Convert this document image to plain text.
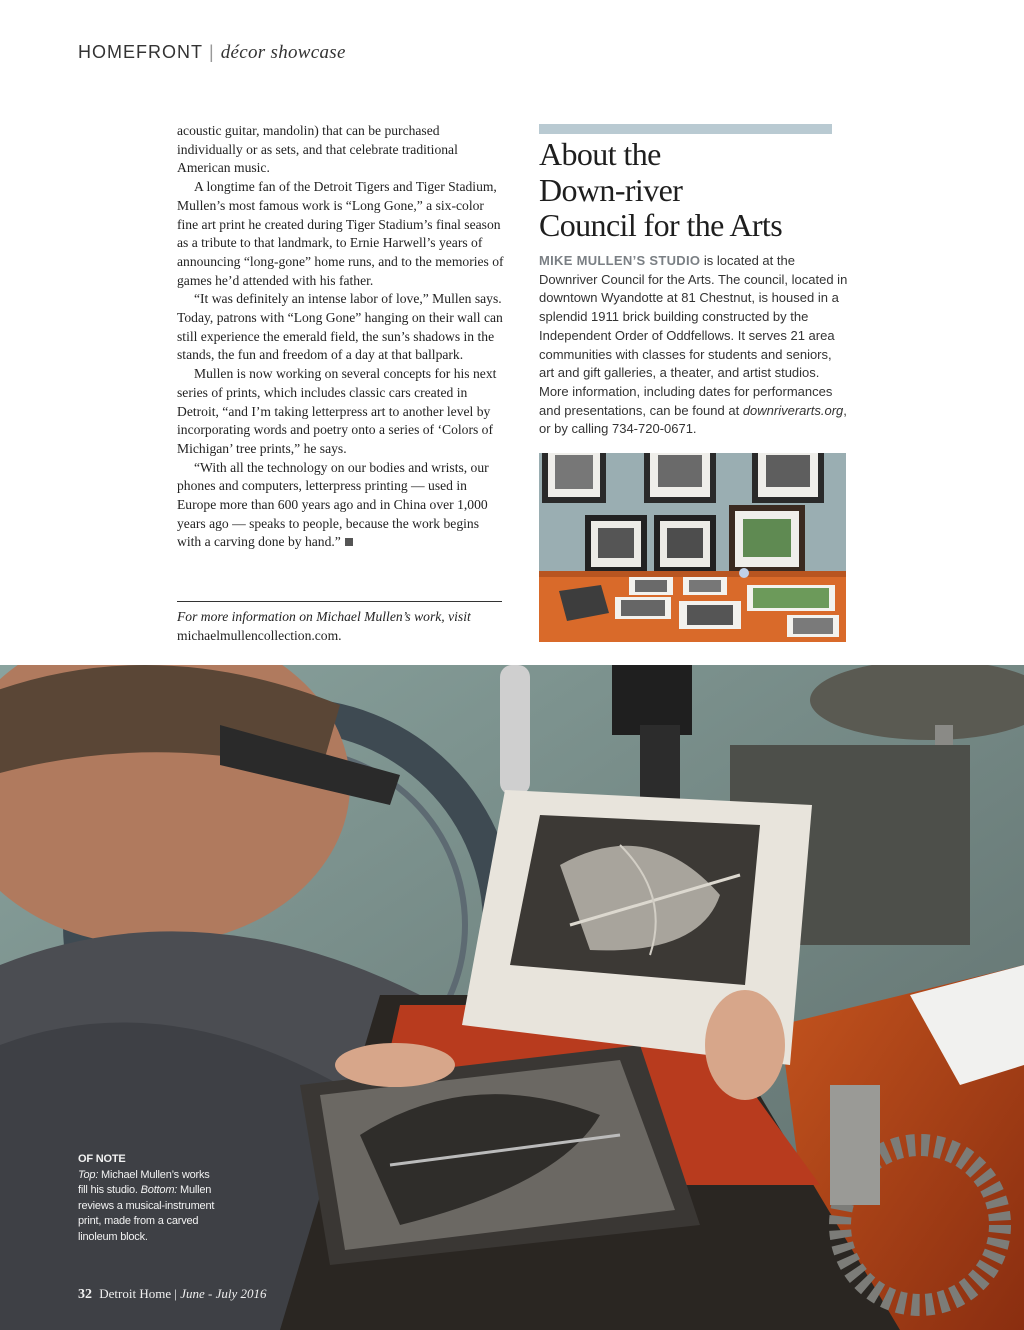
HOMEFRONT | décor showcase

acoustic guitar, mandolin) that can be purchased individually or as sets, and that celebrate traditional American music.

A longtime fan of the Detroit Tigers and Tiger Stadium, Mullen’s most famous work is “Long Gone,” a six-color fine art print he created during Tiger Stadium’s final season as a tribute to that landmark, to Ernie Harwell’s years of announcing “long-gone” home runs, and to the memories of games he’d attended with his father.

“It was definitely an intense labor of love,” Mullen says. Today, patrons with “Long Gone” hanging on their wall can still experience the emerald field, the sun’s shadows in the stands, the fun and freedom of a day at that ballpark.

Mullen is now working on several concepts for his next series of prints, which includes classic cars created in Detroit, “and I’m taking letterpress art to another level by incorporating words and poetry onto a series of ‘Colors of Michigan’ tree prints,” he says.

“With all the technology on our bodies and wrists, our phones and computers, letterpress printing — used in Europe more than 600 years ago and in China over 1,000 years ago — speaks to people, because the work begins with a carving done by hand.”

For more information on Michael Mullen’s work, visit michaelmullencollection.com.
About the
Down-river
Council for the Arts
MIKE MULLEN’S STUDIO is located at the Downriver Council for the Arts. The council, located in downtown Wyandotte at 81 Chestnut, is housed in a splendid 1911 brick building constructed by the Independent Order of Oddfellows. It serves 21 area communities with classes for students and seniors, art and gift galleries, a theater, and artist studios. More information, including dates for performances and presentations, can be found at downriverarts.org, or by calling 734-720-0671.
OF NOTE
Top: Michael Mullen’s works fill his studio. Bottom: Mullen reviews a musical-instrument print, made from a carved linoleum block.
32 Detroit Home | June - July 2016
